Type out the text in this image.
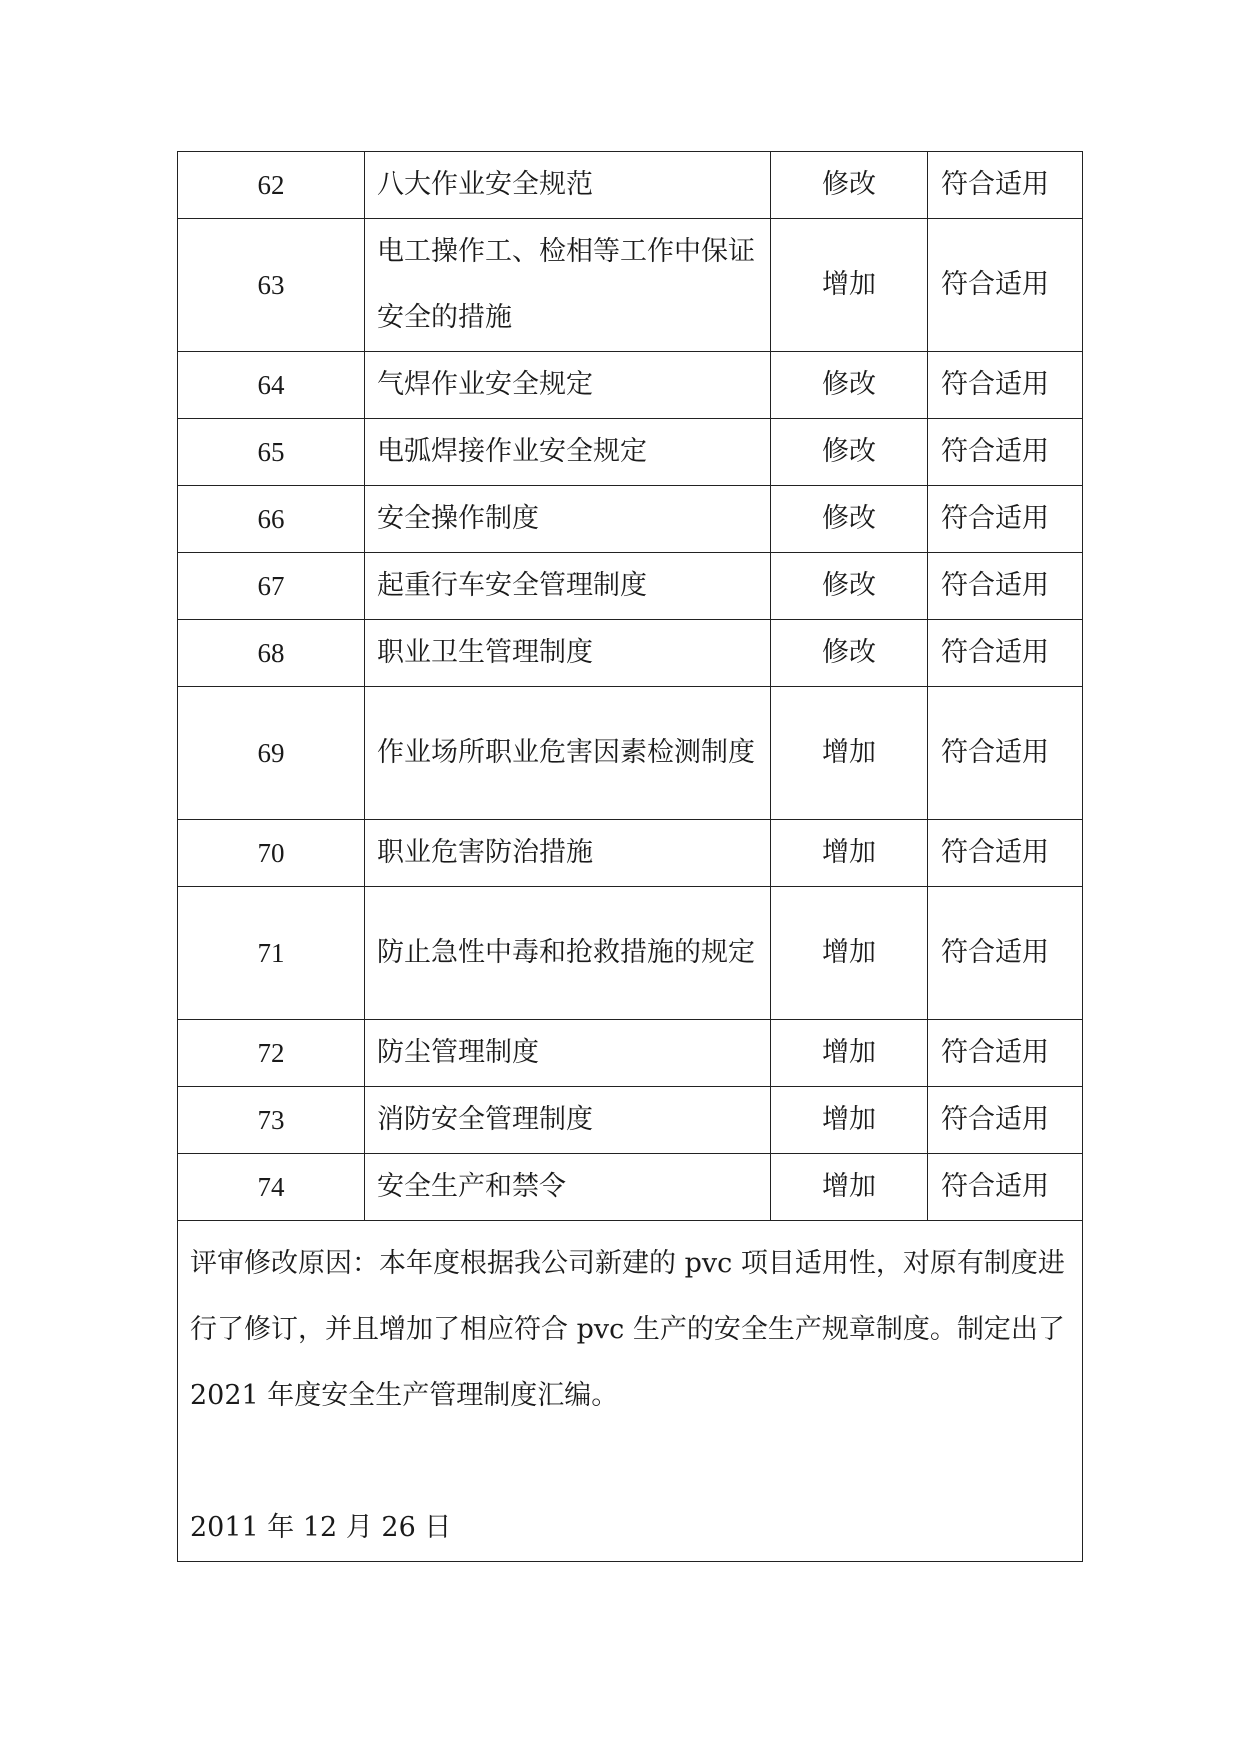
62	八大作业安全规范	修改	符合适用
63	电工操作工、检相等工作中保证安全的措施	增加	符合适用
64	气焊作业安全规定	修改	符合适用
65	电弧焊接作业安全规定	修改	符合适用
66	安全操作制度	修改	符合适用
67	起重行车安全管理制度	修改	符合适用
68	职业卫生管理制度	修改	符合适用
69	作业场所职业危害因素检测制度	增加	符合适用
70	职业危害防治措施	增加	符合适用
71	防止急性中毒和抢救措施的规定	增加	符合适用
72	防尘管理制度	增加	符合适用
73	消防安全管理制度	增加	符合适用
74	安全生产和禁令	增加	符合适用

评审修改原因：本年度根据我公司新建的 pvc 项目适用性，对原有制度进行了修订，并且增加了相应符合 pvc 生产的安全生产规章制度。制定出了 2021 年度安全生产管理制度汇编。
2011 年 12 月 26 日			
